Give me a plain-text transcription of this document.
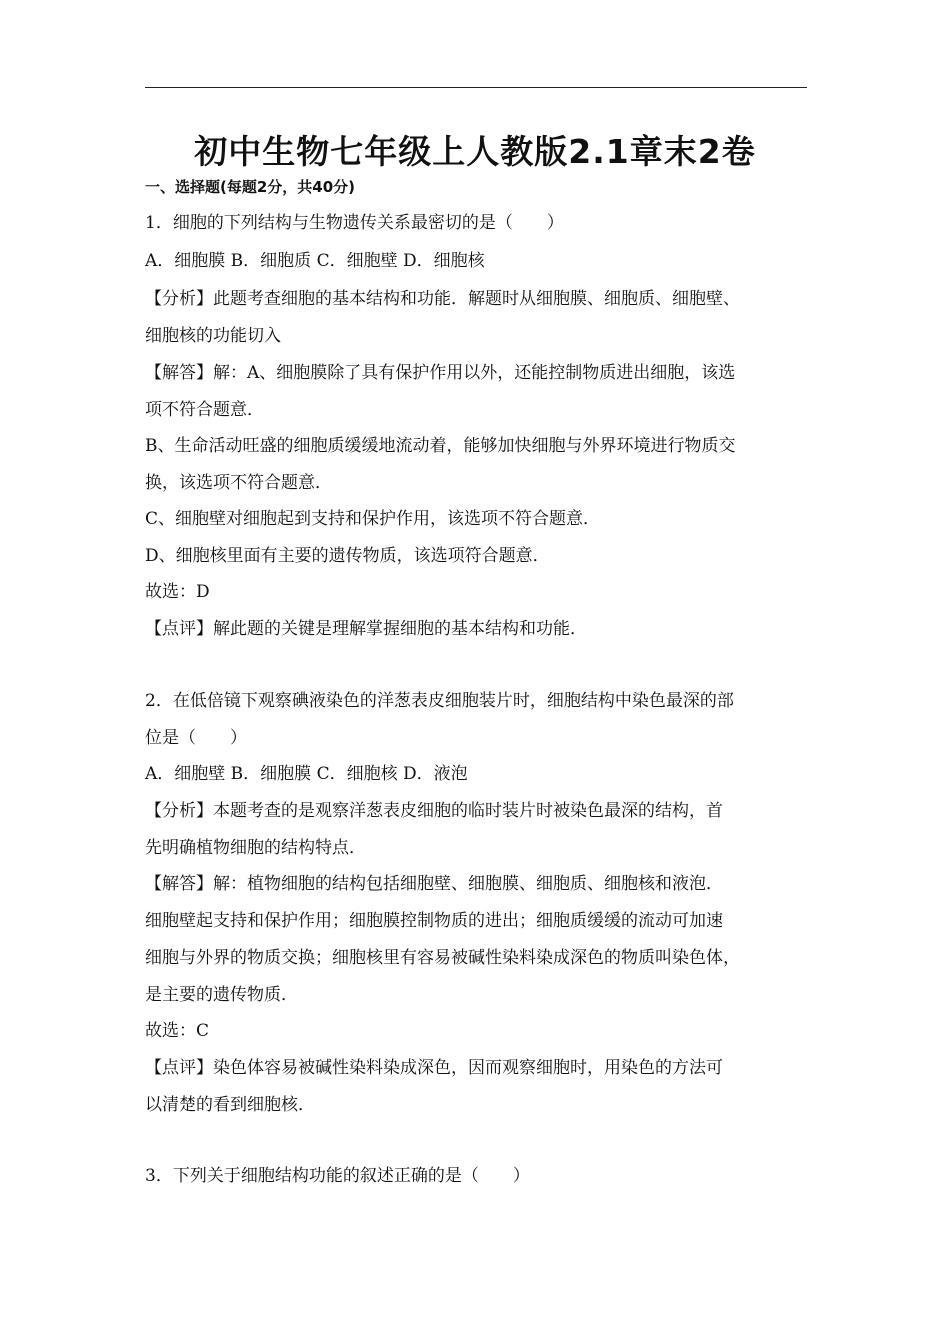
初中生物七年级上人教版2.1章末2卷
一、选择题(每题2分，共40分)
1．细胞的下列结构与生物遗传关系最密切的是（　　）
A．细胞膜 B．细胞质 C．细胞壁 D．细胞核
【分析】此题考查细胞的基本结构和功能．解题时从细胞膜、细胞质、细胞壁、
细胞核的功能切入
【解答】解：A、细胞膜除了具有保护作用以外，还能控制物质进出细胞，该选
项不符合题意．
B、生命活动旺盛的细胞质缓缓地流动着，能够加快细胞与外界环境进行物质交
换，该选项不符合题意．
C、细胞壁对细胞起到支持和保护作用，该选项不符合题意．
D、细胞核里面有主要的遗传物质，该选项符合题意．
故选：D
【点评】解此题的关键是理解掌握细胞的基本结构和功能．
2．在低倍镜下观察碘液染色的洋葱表皮细胞装片时，细胞结构中染色最深的部
位是（　　）
A．细胞壁 B．细胞膜 C．细胞核 D．液泡
【分析】本题考查的是观察洋葱表皮细胞的临时装片时被染色最深的结构，首
先明确植物细胞的结构特点．
【解答】解：植物细胞的结构包括细胞壁、细胞膜、细胞质、细胞核和液泡．
细胞壁起支持和保护作用；细胞膜控制物质的进出；细胞质缓缓的流动可加速
细胞与外界的物质交换；细胞核里有容易被碱性染料染成深色的物质叫染色体，
是主要的遗传物质．
故选：C
【点评】染色体容易被碱性染料染成深色，因而观察细胞时，用染色的方法可
以清楚的看到细胞核．
3．下列关于细胞结构功能的叙述正确的是（　　）
